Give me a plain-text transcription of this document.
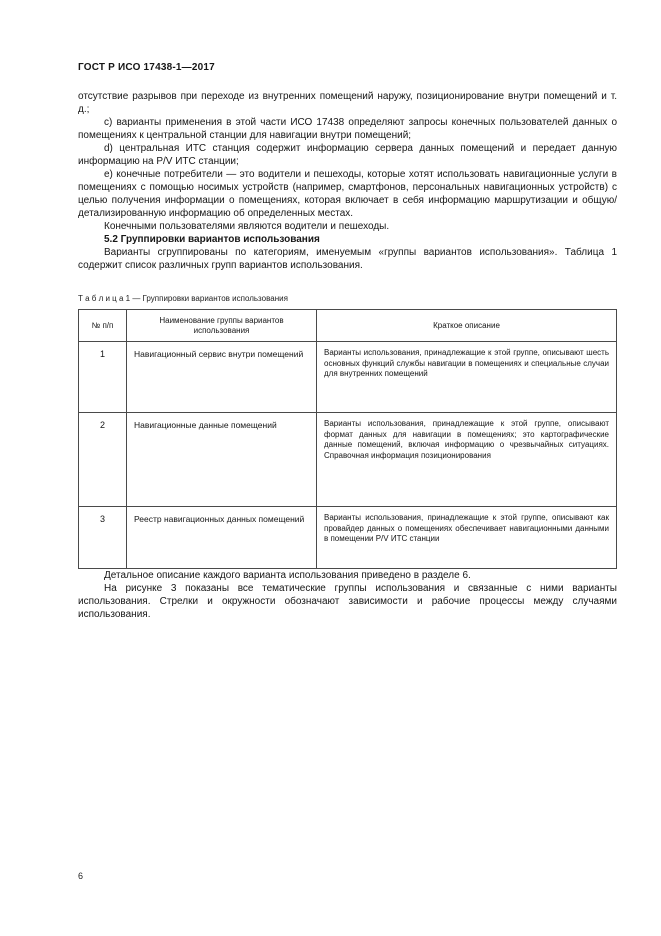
ГОСТ Р ИСО 17438-1—2017

отсутствие разрывов при переходе из внутренних помещений наружу, позиционирование внутри помещений и т. д.;

c) варианты применения в этой части ИСО 17438 определяют запросы конечных пользователей данных о помещениях к центральной станции для навигации внутри помещений;

d) центральная ИТС станция содержит информацию сервера данных помещений и передает данную информацию на Р/V ИТС станции;

e) конечные потребители — это водители и пешеходы, которые хотят использовать навигационные услуги в помещениях с помощью носимых устройств (например, смартфонов, персональных навигационных устройств) с целью получения информации о помещениях, которая включает в себя информацию маршрутизации и общую/детализированную информацию об определенных местах.

Конечными пользователями являются водители и пешеходы.

5.2 Группировки вариантов использования

Варианты сгруппированы по категориям, именуемым «группы вариантов использования». Таблица 1 содержит список различных групп вариантов использования.

Т а б л и ц а 1 — Группировки вариантов использования
№ п/п	Наименование группы вариантов использования	Краткое описание
1	Навигационный сервис внутри помещений	Варианты использования, принадлежащие к этой группе, описывают шесть основных функций службы навигации в помещениях и специальные случаи для внутренних помещений
2	Навигационные данные помещений	Варианты использования, принадлежащие к этой группе, описывают формат данных для навигации в помещениях; это картографические данные помещений, включая информацию о чрезвычайных ситуациях. Справочная информация позиционирования
3	Реестр навигационных данных помещений	Варианты использования, принадлежащие к этой группе, описывают как провайдер данных о помещениях обеспечивает навигационными данными в помещении Р/V ИТС станции

Детальное описание каждого варианта использования приведено в разделе 6.

На рисунке 3 показаны все тематические группы использования и связанные с ними варианты использования. Стрелки и окружности обозначают зависимости и рабочие процессы между случаями использования.

6
